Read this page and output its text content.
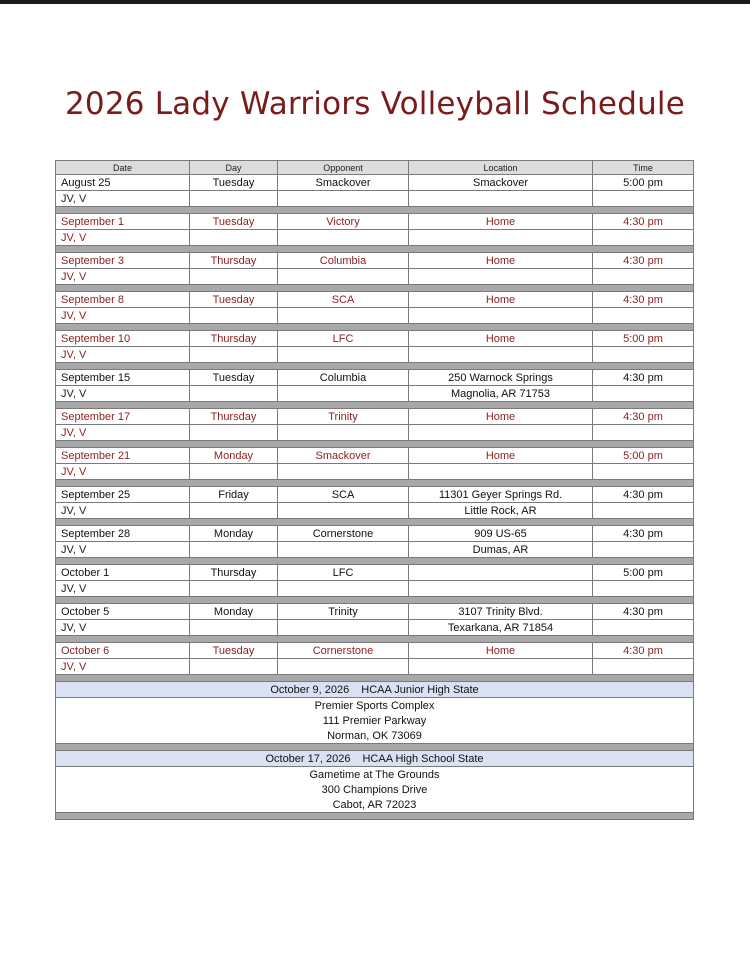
2026 Lady Warriors Volleyball Schedule
Date	Day	Opponent	Location	Time
August 25	Tuesday	Smackover	Smackover	5:00 pm
JV, V				

September 1	Tuesday	Victory	Home	4:30 pm
JV, V				

September 3	Thursday	Columbia	Home	4:30 pm
JV, V				

September 8	Tuesday	SCA	Home	4:30 pm
JV, V				

September 10	Thursday	LFC	Home	5:00 pm
JV, V				

September 15	Tuesday	Columbia	250 Warnock Springs	4:30 pm
JV, V			Magnolia, AR 71753	

September 17	Thursday	Trinity	Home	4:30 pm
JV, V				

September 21	Monday	Smackover	Home	5:00 pm
JV, V				

September 25	Friday	SCA	11301 Geyer Springs Rd.	4:30 pm
JV, V			Little Rock, AR	

September 28	Monday	Cornerstone	909 US-65	4:30 pm
JV, V			Dumas, AR	

October 1	Thursday	LFC		5:00 pm
JV, V				

October 5	Monday	Trinity	3107 Trinity Blvd.	4:30 pm
JV, V			Texarkana, AR 71854	

October 6	Tuesday	Cornerstone	Home	4:30 pm
JV, V				

October 9, 2026 HCAA Junior High State				
Premier Sports Complex				
111 Premier Parkway				
Norman, OK 73069				

October 17, 2026 HCAA High School State				
Gametime at The Grounds				
300 Champions Drive				
Cabot, AR 72023				
